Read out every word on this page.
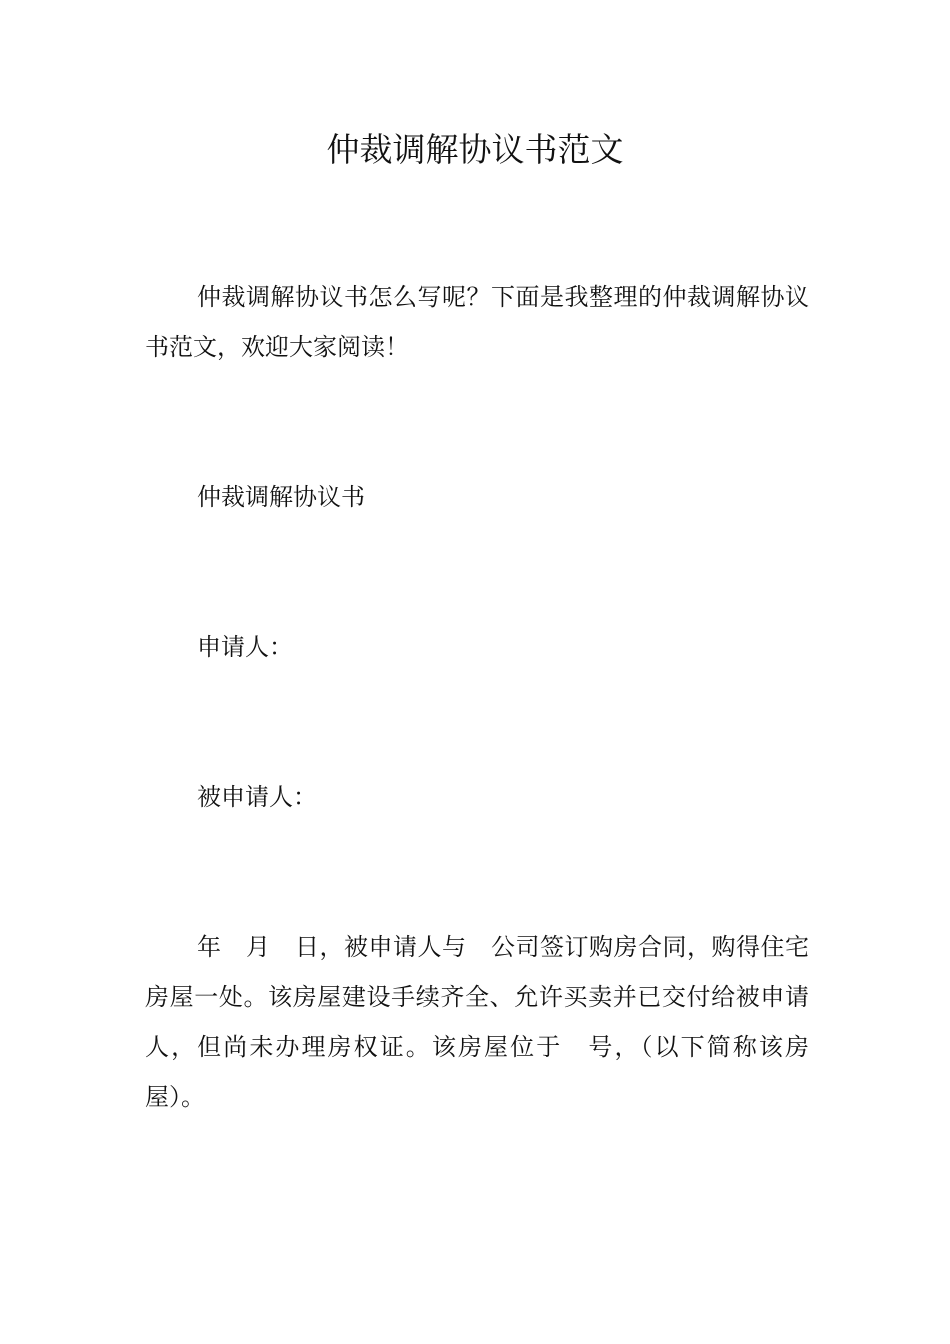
仲裁调解协议书范文

仲裁调解协议书怎么写呢？下面是我整理的仲裁调解协议书范文，欢迎大家阅读！

仲裁调解协议书

申请人：

被申请人：

年　月　日，被申请人与　公司签订购房合同，购得住宅房屋一处。该房屋建设手续齐全、允许买卖并已交付给被申请人，但尚未办理房权证。该房屋位于　号，（以下简称该房屋）。
